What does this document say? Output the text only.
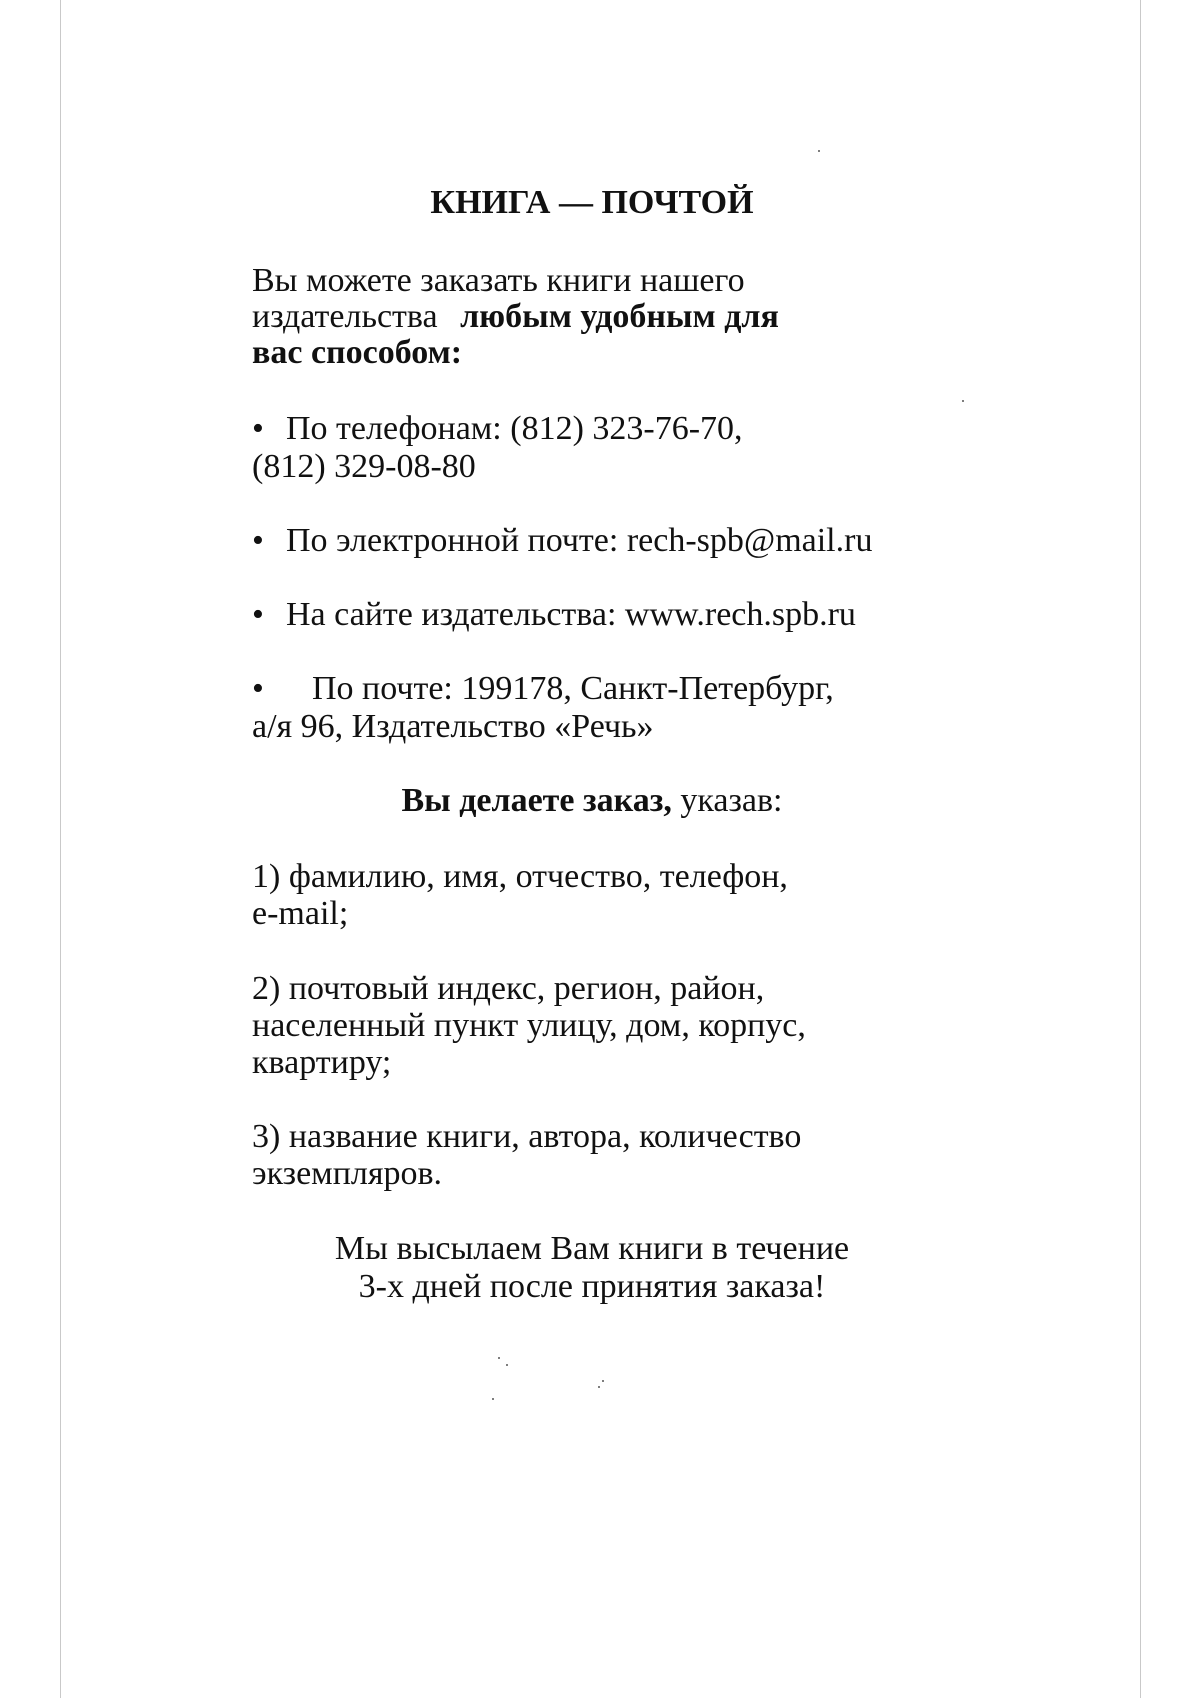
КНИГА — ПОЧТОЙ
Вы можете заказать книги нашего
издательства любым удобным для
вас способом:
• По телефонам: (812) 323-76-70,
(812) 329-08-80
• По электронной почте: rech-spb@mail.ru
• На сайте издательства: www.rech.spb.ru
• По почте: 199178, Санкт-Петербург,
а/я 96, Издательство «Речь»
Вы делаете заказ, указав:
1) фамилию, имя, отчество, телефон,
e-mail;
2) почтовый индекс, регион, район,
населенный пункт улицу, дом, корпус,
квартиру;
3) название книги, автора, количество
экземпляров.
Мы высылаем Вам книги в течение
3-х дней после принятия заказа!
